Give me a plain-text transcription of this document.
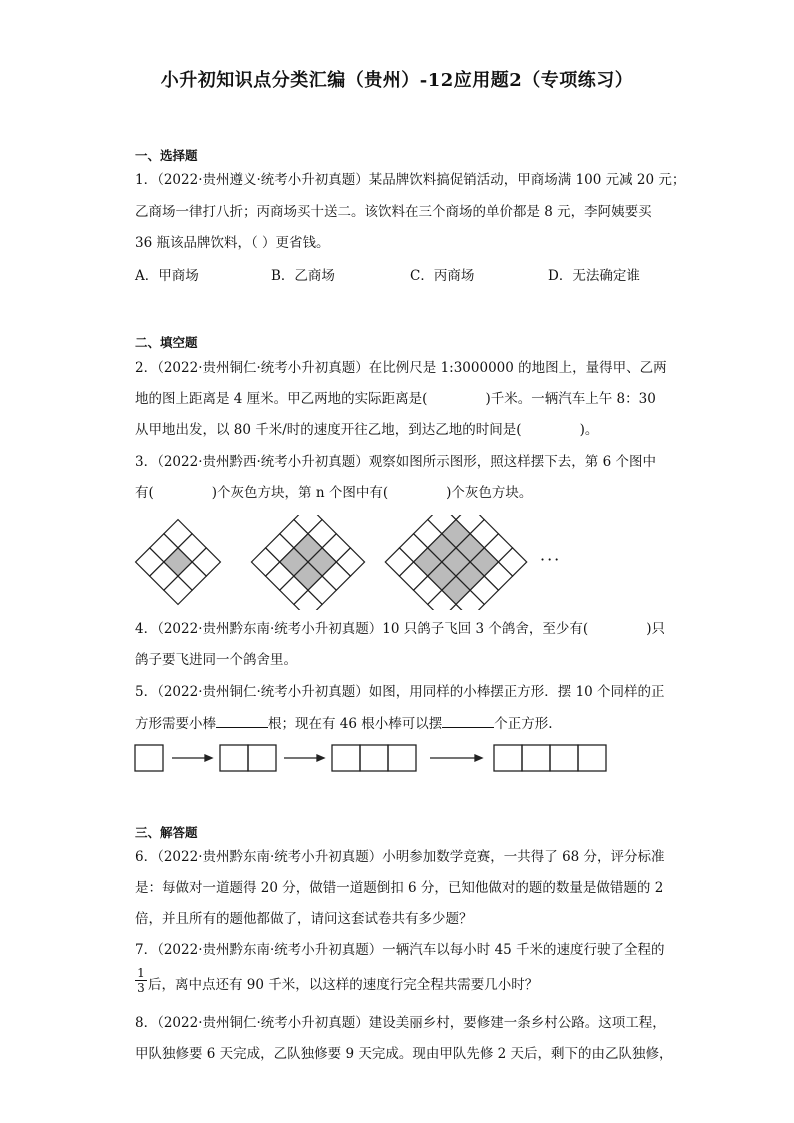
小升初知识点分类汇编（贵州）-12应用题2（专项练习）
一、选择题
1．（2022·贵州遵义·统考小升初真题）某品牌饮料搞促销活动，甲商场满 100 元减 20 元；
乙商场一律打八折；丙商场买十送二。该饮料在三个商场的单价都是 8 元，李阿姨要买
36 瓶该品牌饮料，（ ）更省钱。
A．甲商场	B．乙商场	C．丙商场	D．无法确定谁
二、填空题
2．（2022·贵州铜仁·统考小升初真题）在比例尺是 1:3000000 的地图上，量得甲、乙两
地的图上距离是 4 厘米。甲乙两地的实际距离是(	)千米。一辆汽车上午 8：30
从甲地出发，以 80 千米/时的速度开往乙地，到达乙地的时间是(	)。
3．（2022·贵州黔西·统考小升初真题）观察如图所示图形，照这样摆下去，第 6 个图中
有(	)个灰色方块，第 n 个图中有(	)个灰色方块。
···
4．（2022·贵州黔东南·统考小升初真题）10 只鸽子飞回 3 个鸽舍，至少有(	)只
鸽子要飞进同一个鸽舍里。
5．（2022·贵州铜仁·统考小升初真题）如图，用同样的小棒摆正方形．摆 10 个同样的正
方形需要小棒	根；现在有 46 根小棒可以摆	个正方形.
三、解答题
6．（2022·贵州黔东南·统考小升初真题）小明参加数学竞赛，一共得了 68 分，评分标准
是：每做对一道题得 20 分，做错一道题倒扣 6 分，已知他做对的题的数量是做错题的 2
倍，并且所有的题他都做了，请问这套试卷共有多少题？
7．（2022·贵州黔东南·统考小升初真题）一辆汽车以每小时 45 千米的速度行驶了全程的
$\frac{1}{3}$ 后，离中点还有 90 千米，以这样的速度行完全程共需要几小时？
8．（2022·贵州铜仁·统考小升初真题）建设美丽乡村，要修建一条乡村公路。这项工程，
甲队独修要 6 天完成，乙队独修要 9 天完成。现由甲队先修 2 天后，剩下的由乙队独修，
